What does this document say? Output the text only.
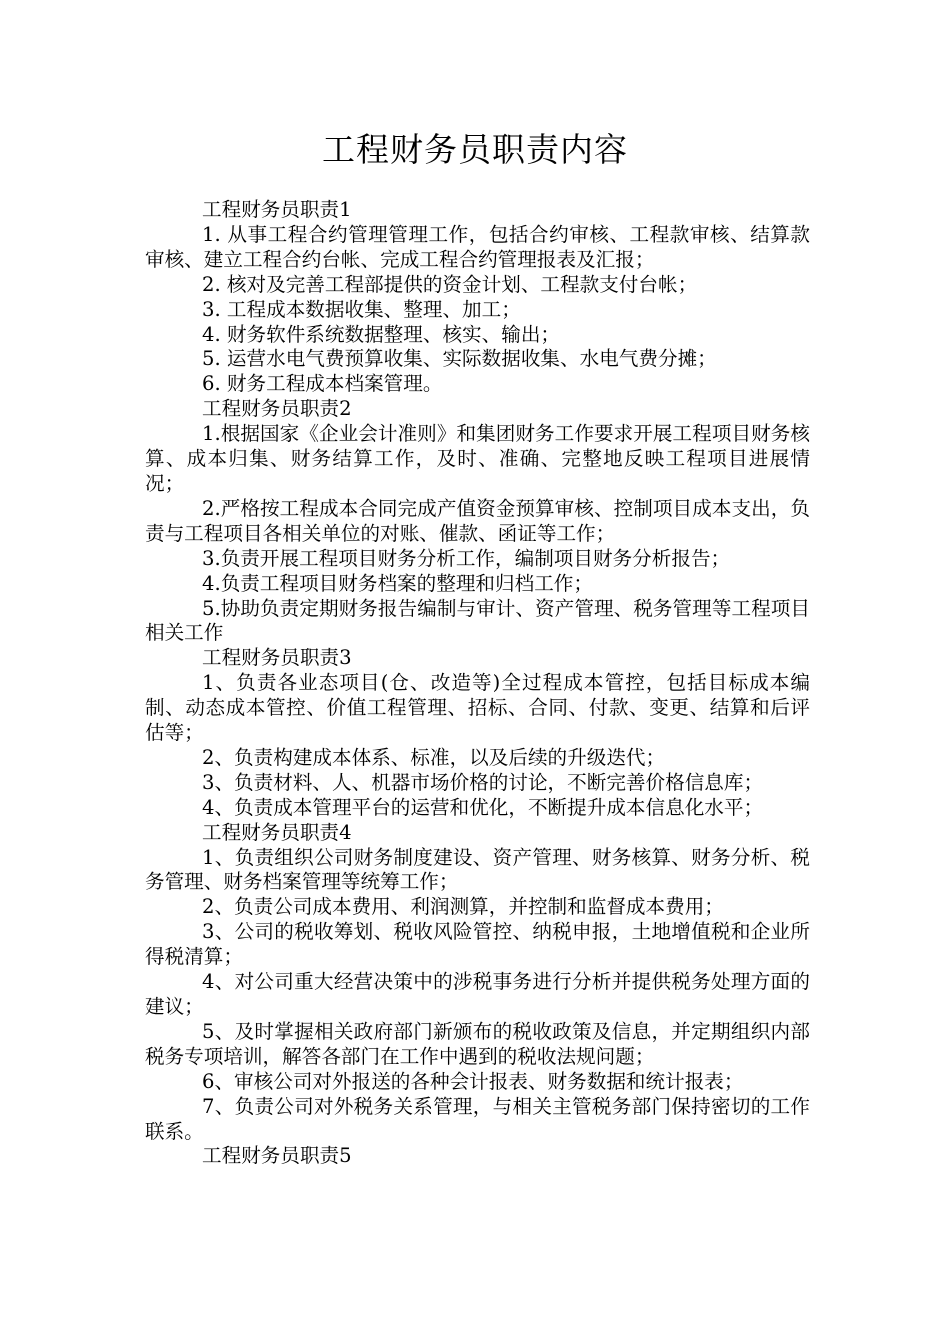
工程财务员职责内容

工程财务员职责1

1. 从事工程合约管理管理工作，包括合约审核、工程款审核、结算款审核、建立工程合约台帐、完成工程合约管理报表及汇报；

2. 核对及完善工程部提供的资金计划、工程款支付台帐；

3. 工程成本数据收集、整理、加工；

4. 财务软件系统数据整理、核实、输出；

5. 运营水电气费预算收集、实际数据收集、水电气费分摊；

6. 财务工程成本档案管理。

工程财务员职责2

1.根据国家《企业会计准则》和集团财务工作要求开展工程项目财务核算、成本归集、财务结算工作，及时、准确、完整地反映工程项目进展情况；

2.严格按工程成本合同完成产值资金预算审核、控制项目成本支出，负责与工程项目各相关单位的对账、催款、函证等工作；

3.负责开展工程项目财务分析工作，编制项目财务分析报告；

4.负责工程项目财务档案的整理和归档工作；

5.协助负责定期财务报告编制与审计、资产管理、税务管理等工程项目相关工作

工程财务员职责3

1、负责各业态项目(仓、改造等)全过程成本管控，包括目标成本编制、动态成本管控、价值工程管理、招标、合同、付款、变更、结算和后评估等；

2、负责构建成本体系、标准，以及后续的升级迭代；

3、负责材料、人、机器市场价格的讨论，不断完善价格信息库；

4、负责成本管理平台的运营和优化，不断提升成本信息化水平；

工程财务员职责4

1、负责组织公司财务制度建设、资产管理、财务核算、财务分析、税务管理、财务档案管理等统筹工作；

2、负责公司成本费用、利润测算，并控制和监督成本费用；

3、公司的税收筹划、税收风险管控、纳税申报，土地增值税和企业所得税清算；

4、对公司重大经营决策中的涉税事务进行分析并提供税务处理方面的建议；

5、及时掌握相关政府部门新颁布的税收政策及信息，并定期组织内部税务专项培训，解答各部门在工作中遇到的税收法规问题；

6、审核公司对外报送的各种会计报表、财务数据和统计报表；

7、负责公司对外税务关系管理，与相关主管税务部门保持密切的工作联系。

工程财务员职责5
